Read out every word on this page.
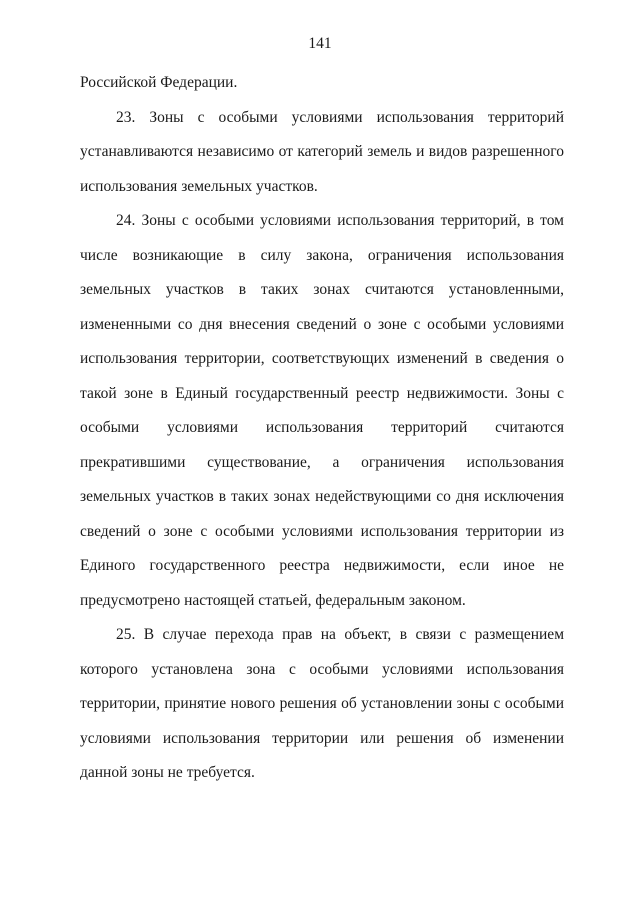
141

Российской Федерации.

23. Зоны с особыми условиями использования территорий устанавливаются независимо от категорий земель и видов разрешенного использования земельных участков.

24. Зоны с особыми условиями использования территорий, в том числе возникающие в силу закона, ограничения использования земельных участков в таких зонах считаются установленными, измененными со дня внесения сведений о зоне с особыми условиями использования территории, соответствующих изменений в сведения о такой зоне в Единый государственный реестр недвижимости. Зоны с особыми условиями использования территорий считаются прекратившими существование, а ограничения использования земельных участков в таких зонах недействующими со дня исключения сведений о зоне с особыми условиями использования территории из Единого государственного реестра недвижимости, если иное не предусмотрено настоящей статьей, федеральным законом.

25. В случае перехода прав на объект, в связи с размещением которого установлена зона с особыми условиями использования территории, принятие нового решения об установлении зоны с особыми условиями использования территории или решения об изменении данной зоны не требуется.
